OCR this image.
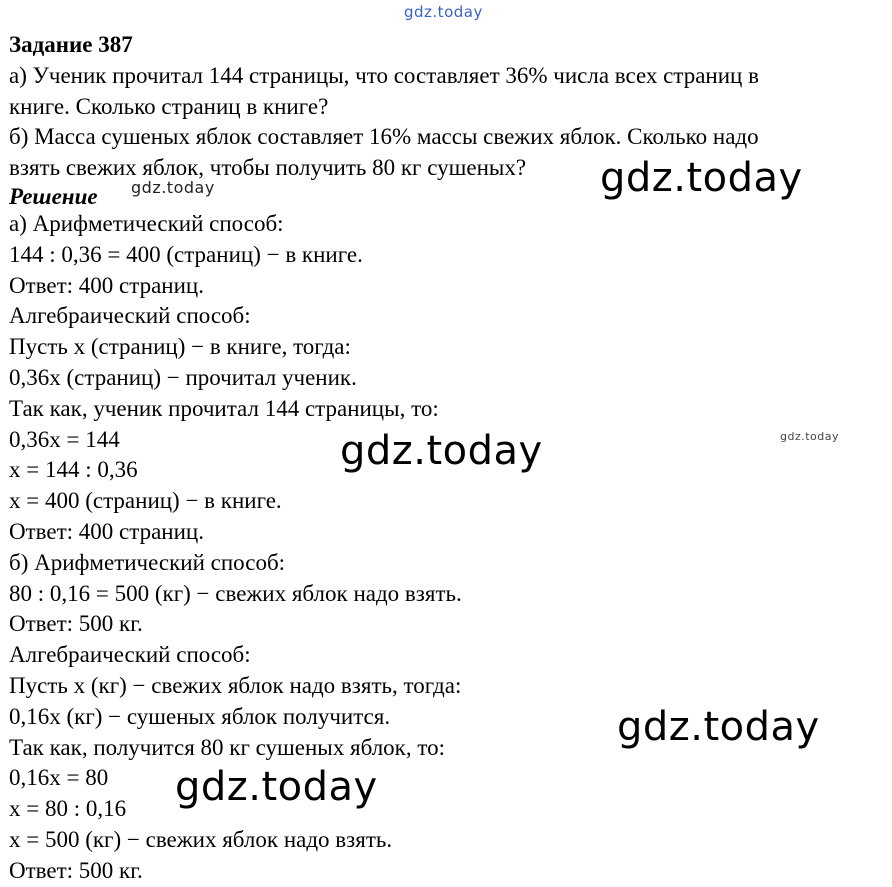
gdz.today
Задание 387
а) Ученик прочитал 144 страницы, что составляет 36% числа всех страниц в
книге. Сколько страниц в книге?
б) Масса сушеных яблок составляет 16% массы свежих яблок. Сколько надо
взять свежих яблок, чтобы получить 80 кг сушеных?
Решение
а) Арифметический способ:
144 : 0,36 = 400 (страниц) − в книге.
Ответ: 400 страниц.
Алгебраический способ:
Пусть х (страниц) − в книге, тогда:
0,36х (страниц) − прочитал ученик.
Так как, ученик прочитал 144 страницы, то:
0,36х = 144
х = 144 : 0,36
х = 400 (страниц) − в книге.
Ответ: 400 страниц.
б) Арифметический способ:
80 : 0,16 = 500 (кг) − свежих яблок надо взять.
Ответ: 500 кг.
Алгебраический способ:
Пусть х (кг) − свежих яблок надо взять, тогда:
0,16х (кг) − сушеных яблок получится.
Так как, получится 80 кг сушеных яблок, то:
0,16х = 80
х = 80 : 0,16
х = 500 (кг) − свежих яблок надо взять.
Ответ: 500 кг.
gdz.today
gdz.today
gdz.today
gdz.today
gdz.today
gdz.today
